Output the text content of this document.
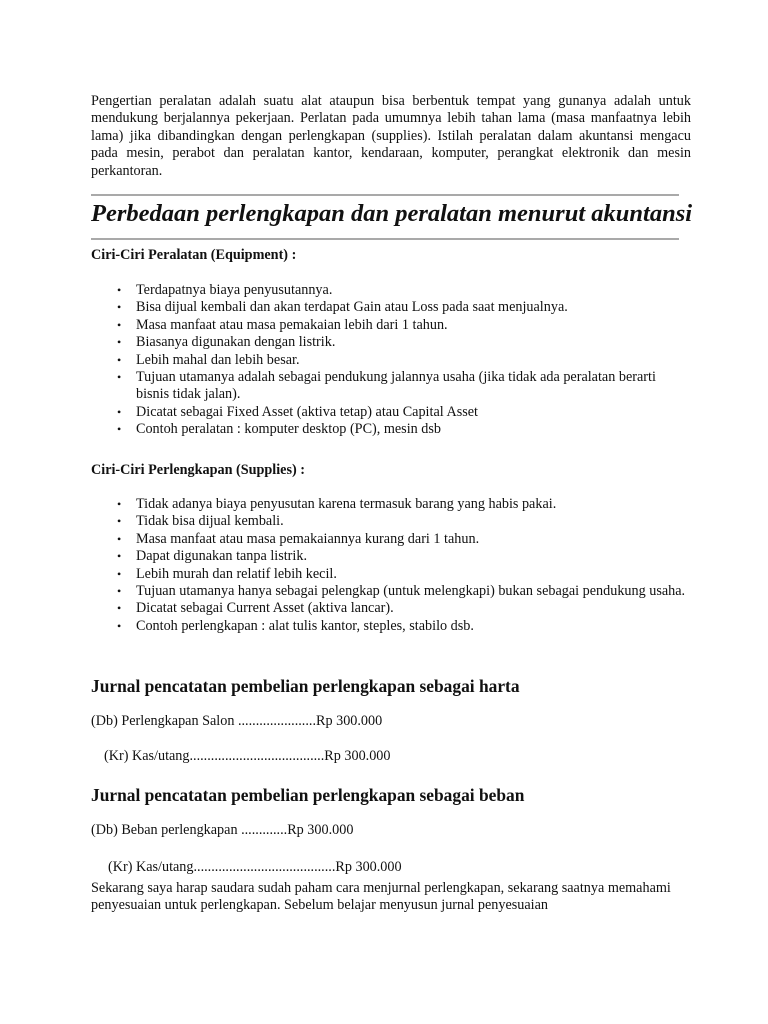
Pengertian peralatan adalah suatu alat ataupun bisa berbentuk tempat yang gunanya adalah untuk mendukung berjalannya pekerjaan. Perlatan pada umumnya lebih tahan lama (masa manfaatnya lebih lama) jika dibandingkan dengan perlengkapan (supplies). Istilah peralatan dalam akuntansi mengacu pada mesin, perabot dan peralatan kantor, kendaraan, komputer, perangkat elektronik dan mesin perkantoran.

Perbedaan perlengkapan dan peralatan menurut akuntansi

Ciri-Ciri Peralatan (Equipment) :

• Terdapatnya biaya penyusutannya.
• Bisa dijual kembali dan akan terdapat Gain atau Loss pada saat menjualnya.
• Masa manfaat atau masa pemakaian lebih dari 1 tahun.
• Biasanya digunakan dengan listrik.
• Lebih mahal dan lebih besar.
• Tujuan utamanya adalah sebagai pendukung jalannya usaha (jika tidak ada peralatan berarti bisnis tidak jalan).
• Dicatat sebagai Fixed Asset (aktiva tetap) atau Capital Asset
• Contoh peralatan : komputer desktop (PC), mesin dsb

Ciri-Ciri Perlengkapan (Supplies) :

• Tidak adanya biaya penyusutan karena termasuk barang yang habis pakai.
• Tidak bisa dijual kembali.
• Masa manfaat atau masa pemakaiannya kurang dari 1 tahun.
• Dapat digunakan tanpa listrik.
• Lebih murah dan relatif lebih kecil.
• Tujuan utamanya hanya sebagai pelengkap (untuk melengkapi) bukan sebagai pendukung usaha.
• Dicatat sebagai Current Asset (aktiva lancar).
• Contoh perlengkapan : alat tulis kantor, steples, stabilo dsb.
Jurnal pencatatan pembelian perlengkapan sebagai harta

(Db) Perlengkapan Salon ......................Rp 300.000

(Kr) Kas/utang......................................Rp 300.000

Jurnal pencatatan pembelian perlengkapan sebagai beban

(Db) Beban perlengkapan .............Rp 300.000

(Kr) Kas/utang........................................Rp 300.000

Sekarang saya harap saudara sudah paham cara menjurnal perlengkapan, sekarang saatnya memahami penyesuaian untuk perlengkapan. Sebelum belajar menyusun jurnal penyesuaian
